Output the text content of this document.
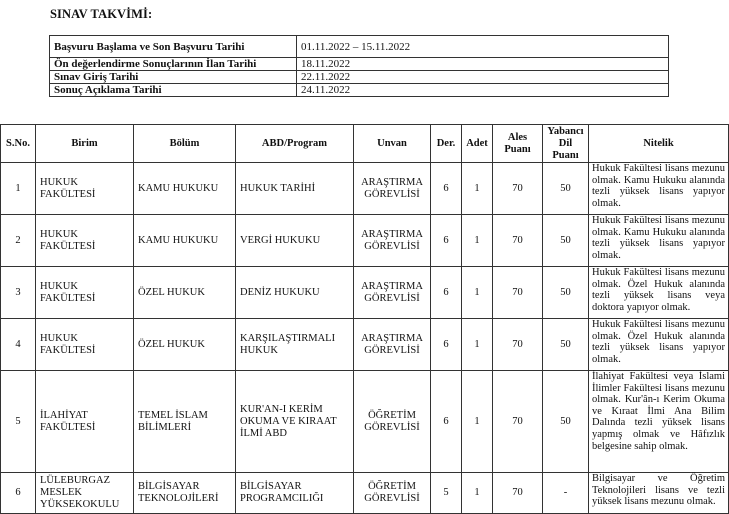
SINAV TAKVİMİ:
Başvuru Başlama ve Son Başvuru Tarihi	01.11.2022 – 15.11.2022
Ön değerlendirme Sonuçlarının İlan Tarihi	18.11.2022
Sınav Giriş Tarihi	22.11.2022
Sonuç Açıklama Tarihi	24.11.2022
S.No.	Birim	Bölüm	ABD/Program	Unvan	Der.	Adet	Ales Puanı	Yabancı Dil Puanı	Nitelik
1	HUKUK FAKÜLTESİ	KAMU HUKUKU	HUKUK TARİHİ	ARAŞTIRMA GÖREVLİSİ	6	1	70	50	Hukuk Fakültesi lisans mezunu olmak. Kamu Hukuku alanında tezli yüksek lisans yapıyor olmak.
2	HUKUK FAKÜLTESİ	KAMU HUKUKU	VERGİ HUKUKU	ARAŞTIRMA GÖREVLİSİ	6	1	70	50	Hukuk Fakültesi lisans mezunu olmak. Kamu Hukuku alanında tezli yüksek lisans yapıyor olmak.
3	HUKUK FAKÜLTESİ	ÖZEL HUKUK	DENİZ HUKUKU	ARAŞTIRMA GÖREVLİSİ	6	1	70	50	Hukuk Fakültesi lisans mezunu olmak. Özel Hukuk alanında tezli yüksek lisans veya doktora yapıyor olmak.
4	HUKUK FAKÜLTESİ	ÖZEL HUKUK	KARŞILAŞTIRMALI HUKUK	ARAŞTIRMA GÖREVLİSİ	6	1	70	50	Hukuk Fakültesi lisans mezunu olmak. Özel Hukuk alanında tezli yüksek lisans yapıyor olmak.
5	İLAHİYAT FAKÜLTESİ	TEMEL İSLAM BİLİMLERİ	KUR'AN-I KERİM OKUMA VE KIRAAT İLMİ ABD	ÖĞRETİM GÖREVLİSİ	6	1	70	50	İlahiyat Fakültesi veya İslami İlimler Fakültesi lisans mezunu olmak. Kur'ân-ı Kerim Okuma ve Kıraat İlmi Ana Bilim Dalında tezli yüksek lisans yapmış olmak ve Hâfızlık belgesine sahip olmak.
6	LÜLEBURGAZ MESLEK YÜKSEKOKULU	BİLGİSAYAR TEKNOLOJİLERİ	BİLGİSAYAR PROGRAMCILIĞI	ÖĞRETİM GÖREVLİSİ	5	1	70	-	Bilgisayar ve Öğretim Teknolojileri lisans ve tezli yüksek lisans mezunu olmak.
